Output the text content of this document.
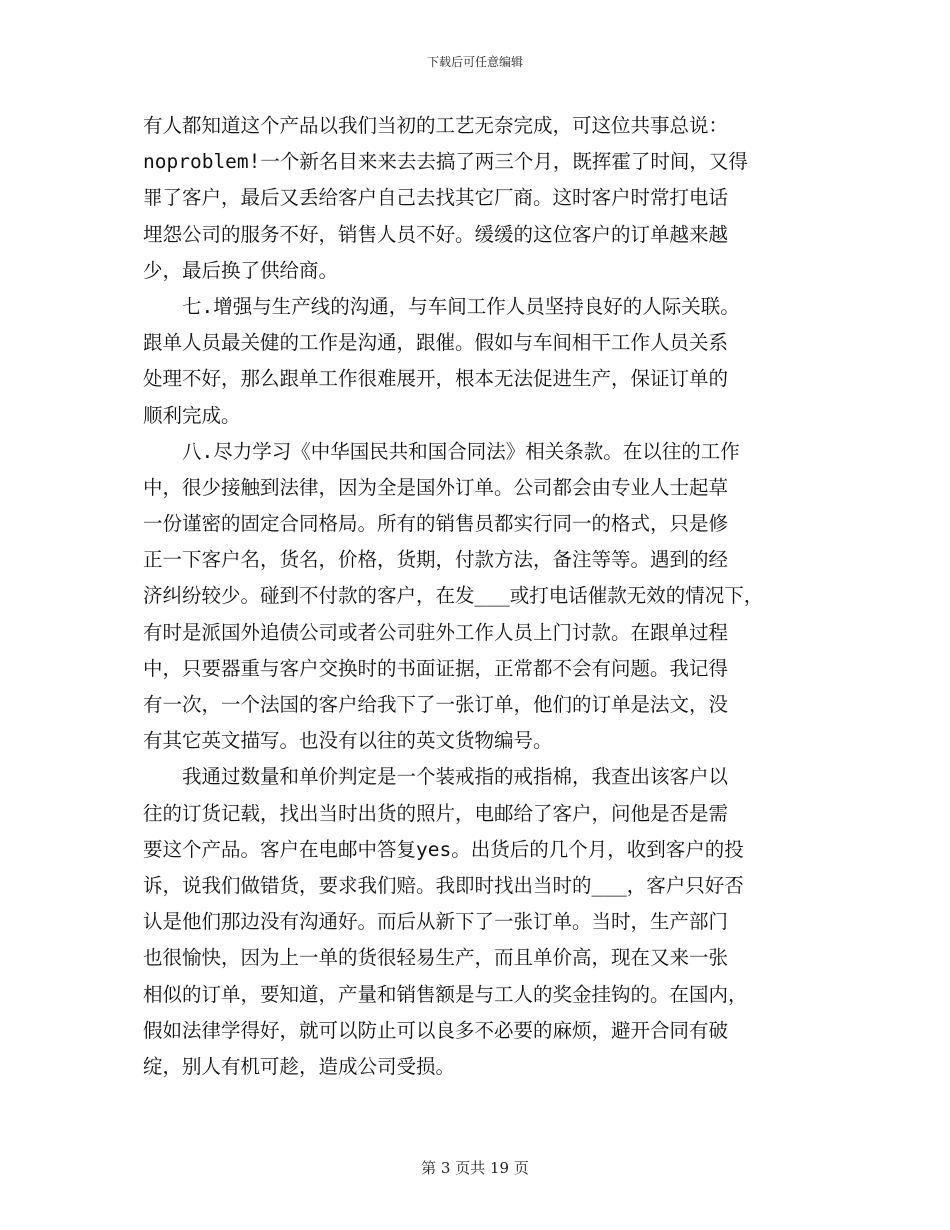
下载后可任意编辑
有人都知道这个产品以我们当初的工艺无奈完成，可这位共事总说：
noproblem!一个新名目来来去去搞了两三个月，既挥霍了时间，又得
罪了客户，最后又丢给客户自己去找其它厂商。这时客户时常打电话
埋怨公司的服务不好，销售人员不好。缓缓的这位客户的订单越来越
少，最后换了供给商。
　　七.增强与生产线的沟通，与车间工作人员坚持良好的人际关联。
跟单人员最关健的工作是沟通，跟催。假如与车间相干工作人员关系
处理不好，那么跟单工作很难展开，根本无法促进生产，保证订单的
顺利完成。
　　八.尽力学习《中华国民共和国合同法》相关条款。在以往的工作
中，很少接触到法律，因为全是国外订单。公司都会由专业人士起草
一份谨密的固定合同格局。所有的销售员都实行同一的格式，只是修
正一下客户名，货名，价格，货期，付款方法，备注等等。遇到的经
济纠纷较少。碰到不付款的客户，在发___或打电话催款无效的情况下，
有时是派国外追债公司或者公司驻外工作人员上门讨款。在跟单过程
中，只要器重与客户交换时的书面证据，正常都不会有问题。我记得
有一次，一个法国的客户给我下了一张订单，他们的订单是法文，没
有其它英文描写。也没有以往的英文货物编号。
　　我通过数量和单价判定是一个装戒指的戒指棉，我查出该客户以
往的订货记载，找出当时出货的照片，电邮给了客户，问他是否是需
要这个产品。客户在电邮中答复yes。出货后的几个月，收到客户的投
诉，说我们做错货，要求我们赔。我即时找出当时的___，客户只好否
认是他们那边没有沟通好。而后从新下了一张订单。当时，生产部门
也很愉快，因为上一单的货很轻易生产，而且单价高，现在又来一张
相似的订单，要知道，产量和销售额是与工人的奖金挂钩的。在国内，
假如法律学得好，就可以防止可以良多不必要的麻烦，避开合同有破
绽，别人有机可趁，造成公司受损。
第 3 页共 19 页
